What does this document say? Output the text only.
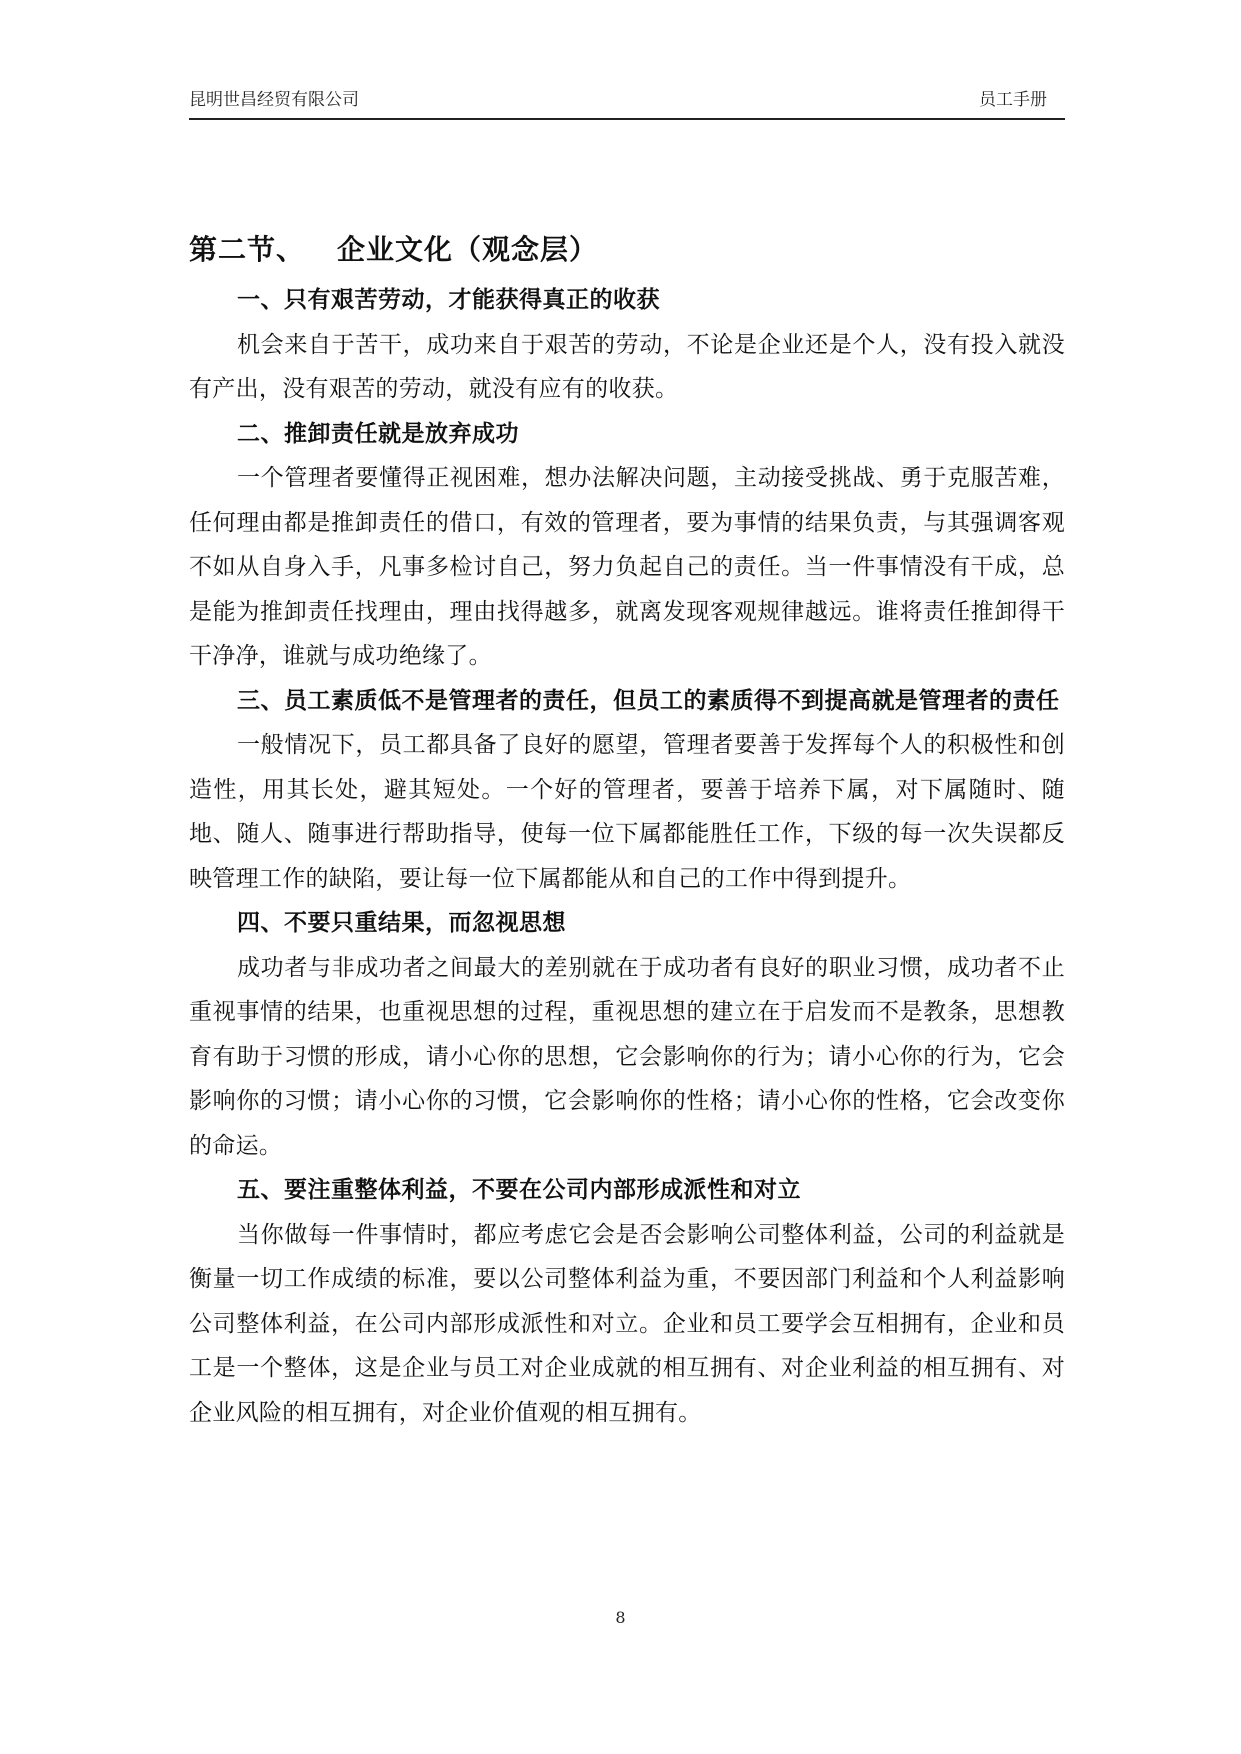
昆明世昌经贸有限公司	员工手册
第二节、 企业文化（观念层）

一、只有艰苦劳动，才能获得真正的收获

机会来自于苦干，成功来自于艰苦的劳动，不论是企业还是个人，没有投入就没有产出，没有艰苦的劳动，就没有应有的收获。

二、推卸责任就是放弃成功

一个管理者要懂得正视困难，想办法解决问题，主动接受挑战、勇于克服苦难，任何理由都是推卸责任的借口，有效的管理者，要为事情的结果负责，与其强调客观不如从自身入手，凡事多检讨自己，努力负起自己的责任。当一件事情没有干成，总是能为推卸责任找理由，理由找得越多，就离发现客观规律越远。谁将责任推卸得干干净净，谁就与成功绝缘了。

三、员工素质低不是管理者的责任，但员工的素质得不到提高就是管理者的责任

一般情况下，员工都具备了良好的愿望，管理者要善于发挥每个人的积极性和创造性，用其长处，避其短处。一个好的管理者，要善于培养下属，对下属随时、随地、随人、随事进行帮助指导，使每一位下属都能胜任工作，下级的每一次失误都反映管理工作的缺陷，要让每一位下属都能从和自己的工作中得到提升。

四、不要只重结果，而忽视思想

成功者与非成功者之间最大的差别就在于成功者有良好的职业习惯，成功者不止重视事情的结果，也重视思想的过程，重视思想的建立在于启发而不是教条，思想教育有助于习惯的形成，请小心你的思想，它会影响你的行为；请小心你的行为，它会影响你的习惯；请小心你的习惯，它会影响你的性格；请小心你的性格，它会改变你的命运。

五、要注重整体利益，不要在公司内部形成派性和对立

当你做每一件事情时，都应考虑它会是否会影响公司整体利益，公司的利益就是衡量一切工作成绩的标准，要以公司整体利益为重，不要因部门利益和个人利益影响公司整体利益，在公司内部形成派性和对立。企业和员工要学会互相拥有，企业和员工是一个整体，这是企业与员工对企业成就的相互拥有、对企业利益的相互拥有、对企业风险的相互拥有，对企业价值观的相互拥有。

8
